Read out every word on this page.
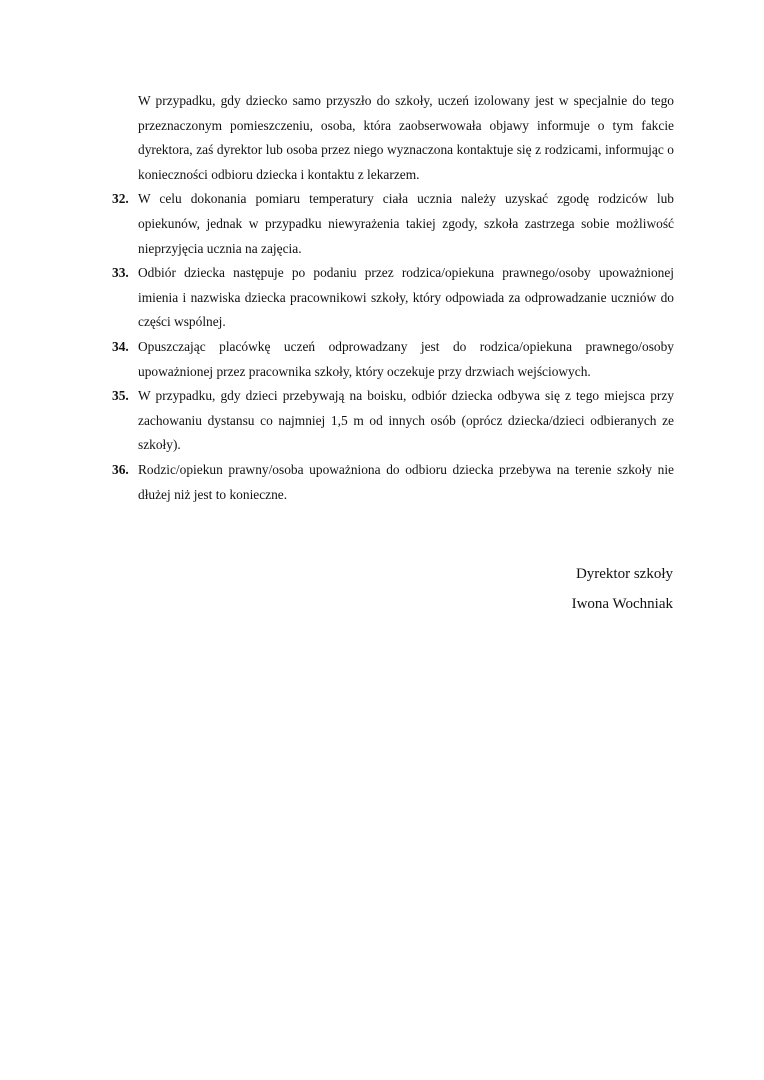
W przypadku, gdy dziecko samo przyszło do szkoły, uczeń izolowany jest w specjalnie do tego przeznaczonym pomieszczeniu, osoba, która zaobserwowała objawy informuje o tym fakcie dyrektora, zaś dyrektor lub osoba przez niego wyznaczona kontaktuje się z rodzicami, informując o konieczności odbioru dziecka i kontaktu z lekarzem.

32. W celu dokonania pomiaru temperatury ciała ucznia należy uzyskać zgodę rodziców lub opiekunów, jednak w przypadku niewyrażenia takiej zgody, szkoła zastrzega sobie możliwość nieprzyjęcia ucznia na zajęcia.

33. Odbiór dziecka następuje po podaniu przez rodzica/opiekuna prawnego/osoby upoważnionej imienia i nazwiska dziecka pracownikowi szkoły, który odpowiada za odprowadzanie uczniów do części wspólnej.

34. Opuszczając placówkę uczeń odprowadzany jest do rodzica/opiekuna prawnego/osoby upoważnionej przez pracownika szkoły, który oczekuje przy drzwiach wejściowych.

35. W przypadku, gdy dzieci przebywają na boisku, odbiór dziecka odbywa się z tego miejsca przy zachowaniu dystansu co najmniej 1,5 m od innych osób (oprócz dziecka/dzieci odbieranych ze szkoły).

36. Rodzic/opiekun prawny/osoba upoważniona do odbioru dziecka przebywa na terenie szkoły nie dłużej niż jest to konieczne.

Dyrektor szkoły
Iwona Wochniak
